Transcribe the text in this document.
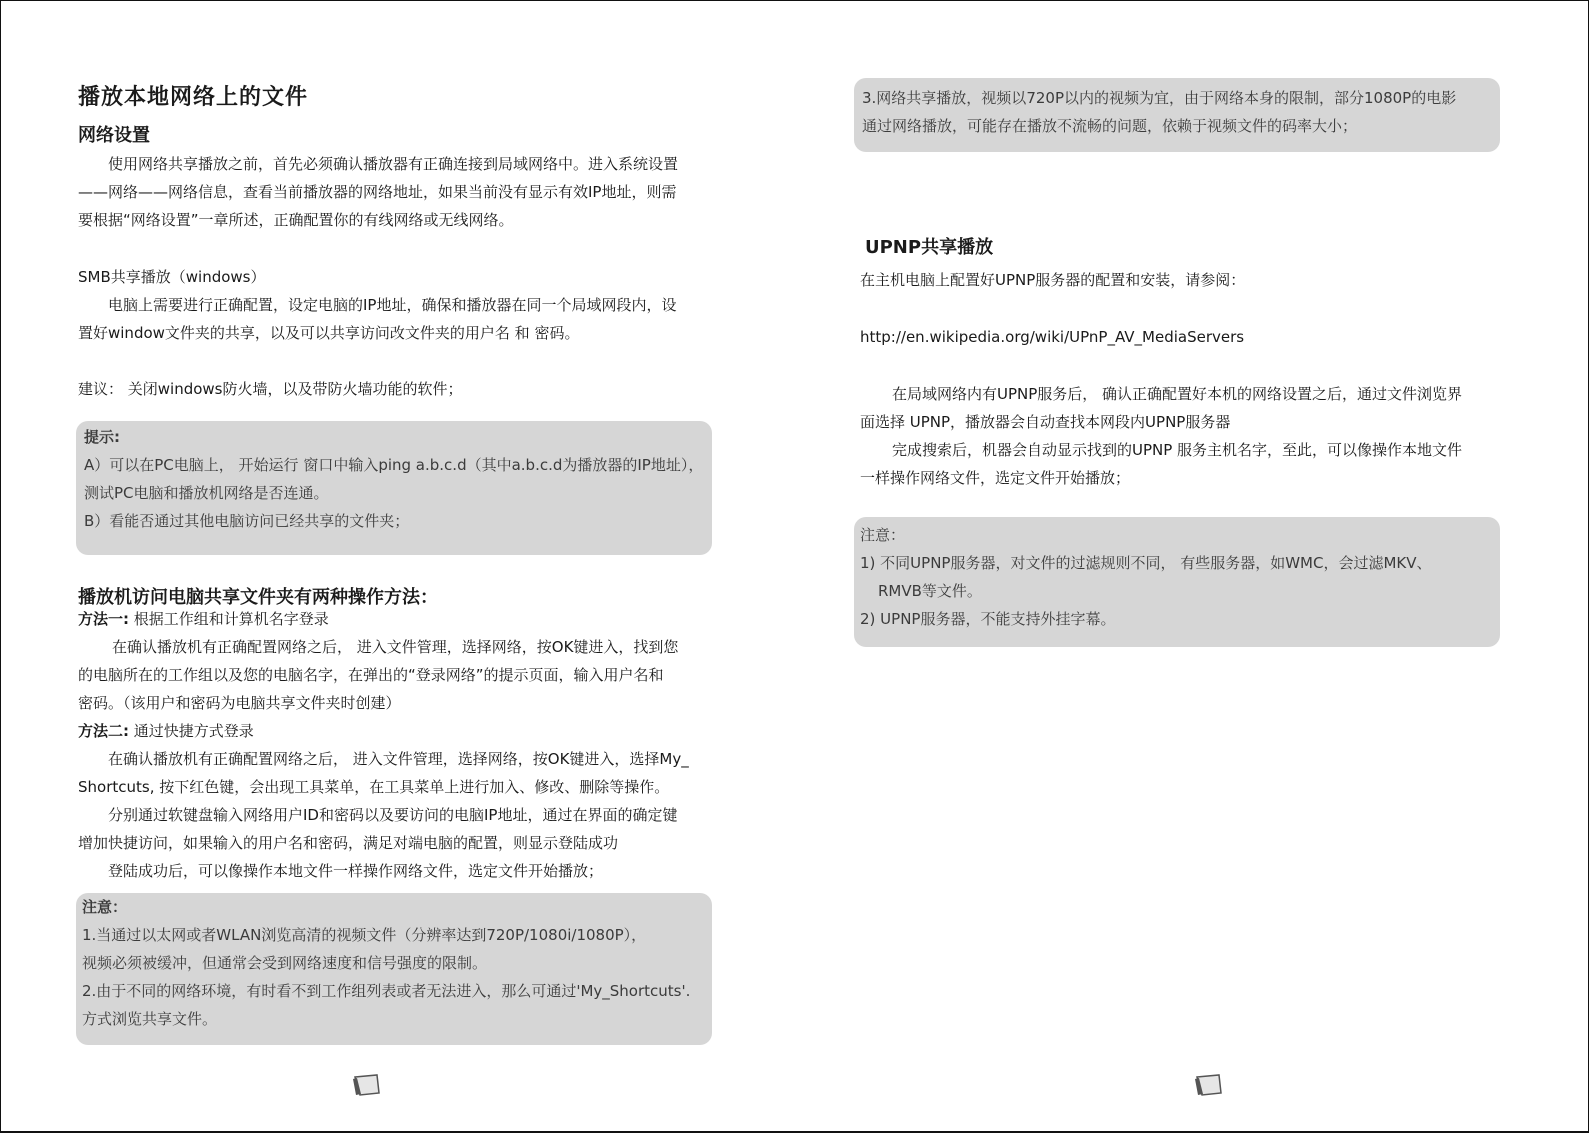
播放本地网络上的文件
网络设置
使用网络共享播放之前，首先必须确认播放器有正确连接到局域网络中。进入系统设置
——网络——网络信息，查看当前播放器的网络地址，如果当前没有显示有效IP地址，则需
要根据“网络设置”一章所述，正确配置你的有线网络或无线网络。
SMB共享播放（windows）
电脑上需要进行正确配置，设定电脑的IP地址，确保和播放器在同一个局域网段内，设
置好window文件夹的共享，以及可以共享访问改文件夹的用户名 和 密码。
建议： 关闭windows防火墙，以及带防火墙功能的软件；
提示:
A）可以在PC电脑上， 开始运行 窗口中输入ping a.b.c.d（其中a.b.c.d为播放器的IP地址），
测试PC电脑和播放机网络是否连通。
B）看能否通过其他电脑访问已经共享的文件夹；
播放机访问电脑共享文件夹有两种操作方法：
方法一: 根据工作组和计算机名字登录
在确认播放机有正确配置网络之后， 进入文件管理，选择网络，按OK键进入，找到您
的电脑所在的工作组以及您的电脑名字，在弹出的“登录网络”的提示页面，输入用户名和
密码。（该用户和密码为电脑共享文件夹时创建）
方法二: 通过快捷方式登录
在确认播放机有正确配置网络之后， 进入文件管理，选择网络，按OK键进入，选择My_
Shortcuts, 按下红色键，会出现工具菜单，在工具菜单上进行加入、修改、删除等操作。
分别通过软键盘输入网络用户ID和密码以及要访问的电脑IP地址，通过在界面的确定键
增加快捷访问，如果输入的用户名和密码，满足对端电脑的配置，则显示登陆成功
登陆成功后，可以像操作本地文件一样操作网络文件，选定文件开始播放；
注意：
1.当通过以太网或者WLAN浏览高清的视频文件（分辨率达到720P/1080i/1080P），
视频必须被缓冲，但通常会受到网络速度和信号强度的限制。
2.由于不同的网络环境，有时看不到工作组列表或者无法进入，那么可通过'My_Shortcuts'.
方式浏览共享文件。
3.网络共享播放，视频以720P以内的视频为宜，由于网络本身的限制，部分1080P的电影
通过网络播放，可能存在播放不流畅的问题，依赖于视频文件的码率大小；
UPNP共享播放
在主机电脑上配置好UPNP服务器的配置和安装，请参阅：
http://en.wikipedia.org/wiki/UPnP_AV_MediaServers
在局域网络内有UPNP服务后， 确认正确配置好本机的网络设置之后，通过文件浏览界
面选择 UPNP，播放器会自动查找本网段内UPNP服务器
完成搜索后，机器会自动显示找到的UPNP 服务主机名字，至此，可以像操作本地文件
一样操作网络文件，选定文件开始播放；
注意：
1) 不同UPNP服务器，对文件的过滤规则不同， 有些服务器，如WMC，会过滤MKV、
RMVB等文件。
2) UPNP服务器，不能支持外挂字幕。
